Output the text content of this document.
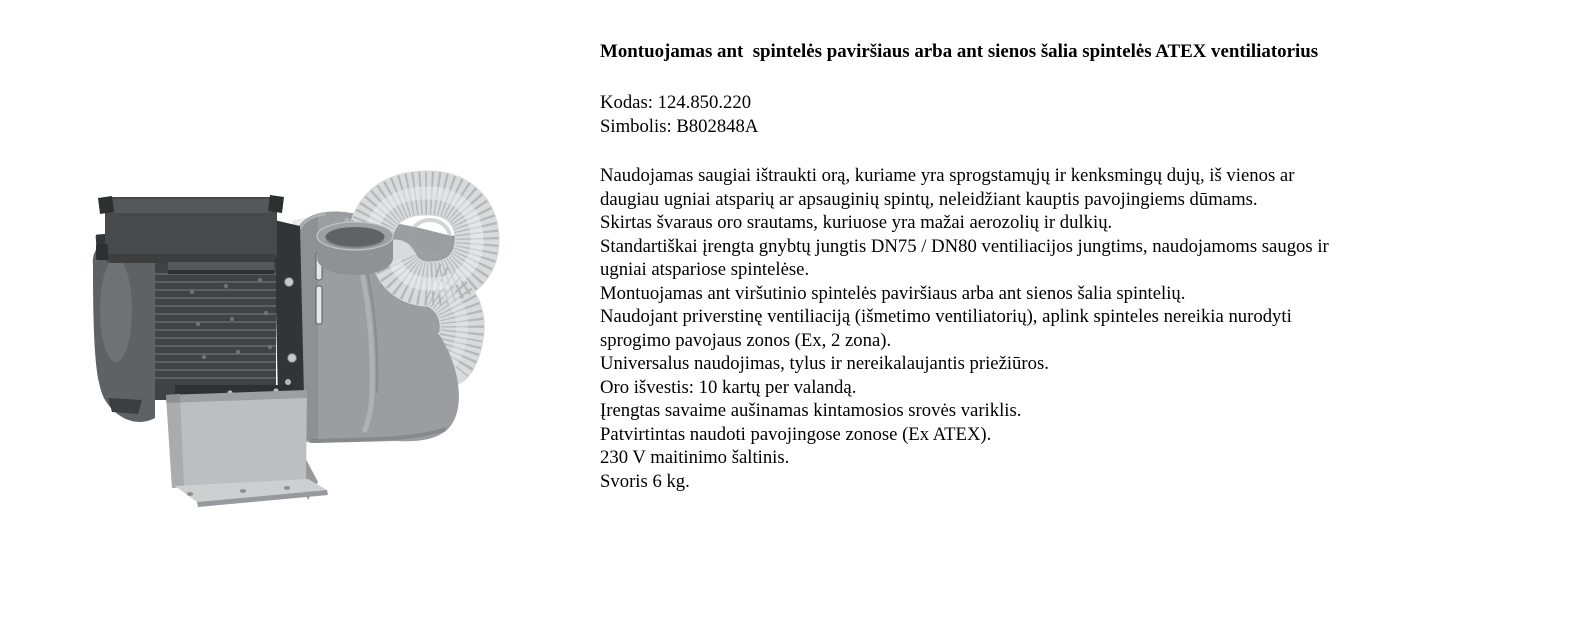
Montuojamas ant  spintelės paviršiaus arba ant sienos šalia spintelės ATEX ventiliatorius

Kodas: 124.850.220

Simbolis: B802848A

Naudojamas saugiai ištraukti orą, kuriame yra sprogstamųjų ir kenksmingų dujų, iš vienos ar

daugiau ugniai atsparių ar apsauginių spintų, neleidžiant kauptis pavojingiems dūmams.

Skirtas švaraus oro srautams, kuriuose yra mažai aerozolių ir dulkių.

Standartiškai įrengta gnybtų jungtis DN75 / DN80 ventiliacijos jungtims, naudojamoms saugos ir

ugniai atspariose spintelėse.

Montuojamas ant viršutinio spintelės paviršiaus arba ant sienos šalia spintelių.

Naudojant priverstinę ventiliaciją (išmetimo ventiliatorių), aplink spinteles nereikia nurodyti

sprogimo pavojaus zonos (Ex, 2 zona).

Universalus naudojimas, tylus ir nereikalaujantis priežiūros.

Oro išvestis: 10 kartų per valandą.

Įrengtas savaime aušinamas kintamosios srovės variklis.

Patvirtintas naudoti pavojingose zonose (Ex ATEX).

230 V maitinimo šaltinis.

Svoris 6 kg.
